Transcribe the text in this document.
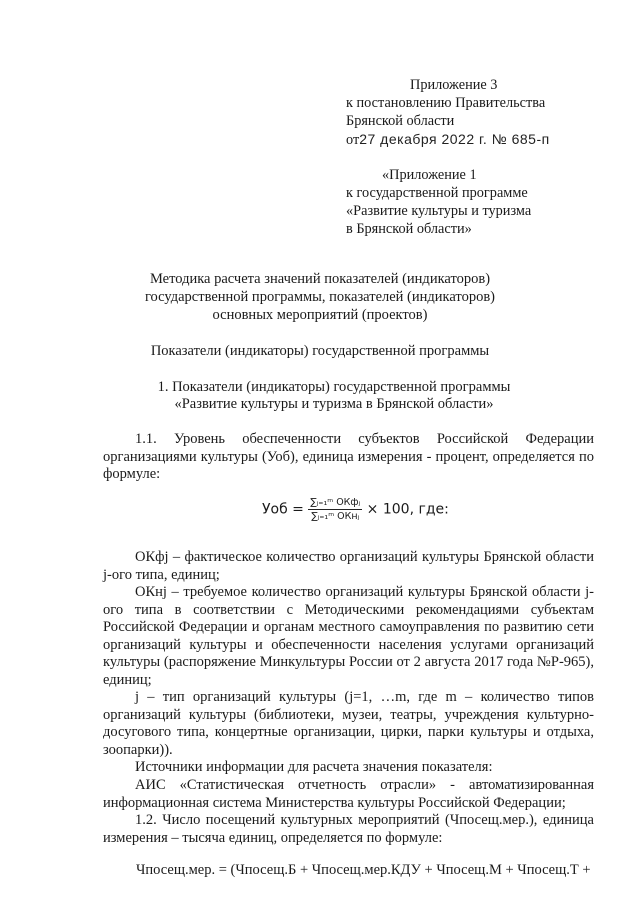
Приложение 3
к постановлению Правительства
Брянской области
от27 декабря 2022 г. № 685-п
«Приложение 1
к государственной программе
«Развитие культуры и туризма
в Брянской области»
Методика расчета значений показателей (индикаторов)
государственной программы, показателей (индикаторов)
основных мероприятий (проектов)
Показатели (индикаторы) государственной программы
1. Показатели (индикаторы) государственной программы
«Развитие культуры и туризма в Брянской области»
1.1. Уровень обеспеченности субъектов Российской Федерации организациями культуры (Уоб), единица измерения - процент, определяется по формуле:
Уоб = $\frac{\text{∑ⱼ₌₁ᵐ ОКфⱼ}}{\text{∑ⱼ₌₁ᵐ ОКнⱼ}} \times 100$, где:
ОКфj – фактическое количество организаций культуры Брянской области j-ого типа, единиц;
ОКнj – требуемое количество организаций культуры Брянской области j-ого типа в соответствии с Методическими рекомендациями субъектам Российской Федерации и органам местного самоуправления по развитию сети организаций культуры и обеспеченности населения услугами организаций культуры (распоряжение Минкультуры России от 2 августа 2017 года №Р-965), единиц;
j – тип организаций культуры (j=1, …m, где m – количество типов организаций культуры (библиотеки, музеи, театры, учреждения культурно-досугового типа, концертные организации, цирки, парки культуры и отдыха, зоопарки)).
Источники информации для расчета значения показателя:
АИС «Статистическая отчетность отрасли» - автоматизированная информационная система Министерства культуры Российской Федерации;
1.2. Число посещений культурных мероприятий (Чпосещ.мер.), единица измерения – тысяча единиц, определяется по формуле:
Чпосещ.мер. = (Чпосещ.Б + Чпосещ.мер.КДУ + Чпосещ.М + Чпосещ.Т +
